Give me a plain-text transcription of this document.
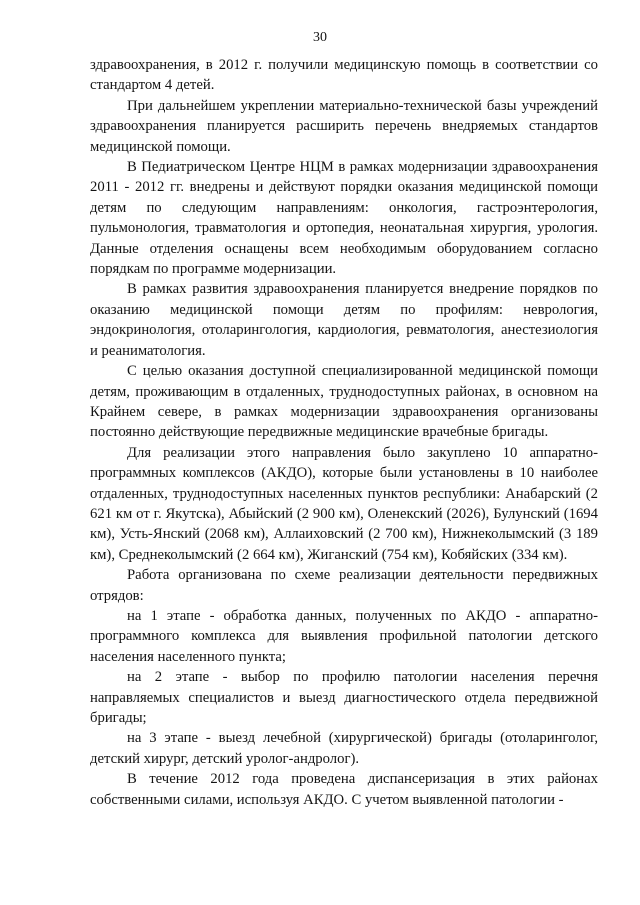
30

здравоохранения, в 2012 г. получили медицинскую помощь в соответствии со стандартом 4 детей.

При дальнейшем укреплении материально-технической базы учреждений здравоохранения планируется расширить перечень внедряемых стандартов медицинской помощи.

В Педиатрическом Центре НЦМ в рамках модернизации здравоохранения 2011 - 2012 гг. внедрены и действуют порядки оказания медицинской помощи детям по следующим направлениям: онкология, гастроэнтерология, пульмонология, травматология и ортопедия, неонатальная хирургия, урология. Данные отделения оснащены всем необходимым оборудованием согласно порядкам по программе модернизации.

В рамках развития здравоохранения планируется внедрение порядков по оказанию медицинской помощи детям по профилям: неврология, эндокринология, отоларингология, кардиология, ревматология, анестезиология и реаниматология.

С целью оказания доступной специализированной медицинской помощи детям, проживающим в отдаленных, труднодоступных районах, в основном на Крайнем севере, в рамках модернизации здравоохранения организованы постоянно действующие передвижные медицинские врачебные бригады.

Для реализации этого направления было закуплено 10 аппаратно-программных комплексов (АКДО), которые были установлены в 10 наиболее отдаленных, труднодоступных населенных пунктов республики: Анабарский (2 621 км от г. Якутска), Абыйский (2 900 км), Оленекский (2026), Булунский (1694 км), Усть-Янский (2068 км), Аллаиховский (2 700 км), Нижнеколымский (3 189 км), Среднеколымский (2 664 км), Жиганский (754 км), Кобяйских (334 км).

Работа организована по схеме реализации деятельности передвижных отрядов:

на 1 этапе - обработка данных, полученных по АКДО - аппаратно-программного комплекса для выявления профильной патологии детского населения населенного пункта;

на 2 этапе - выбор по профилю патологии населения перечня направляемых специалистов и выезд диагностического отдела передвижной бригады;

на 3 этапе - выезд лечебной (хирургической) бригады (отоларинголог, детский хирург, детский уролог-андролог).

В течение 2012 года проведена диспансеризация в этих районах собственными силами, используя АКДО. С учетом выявленной патологии -
